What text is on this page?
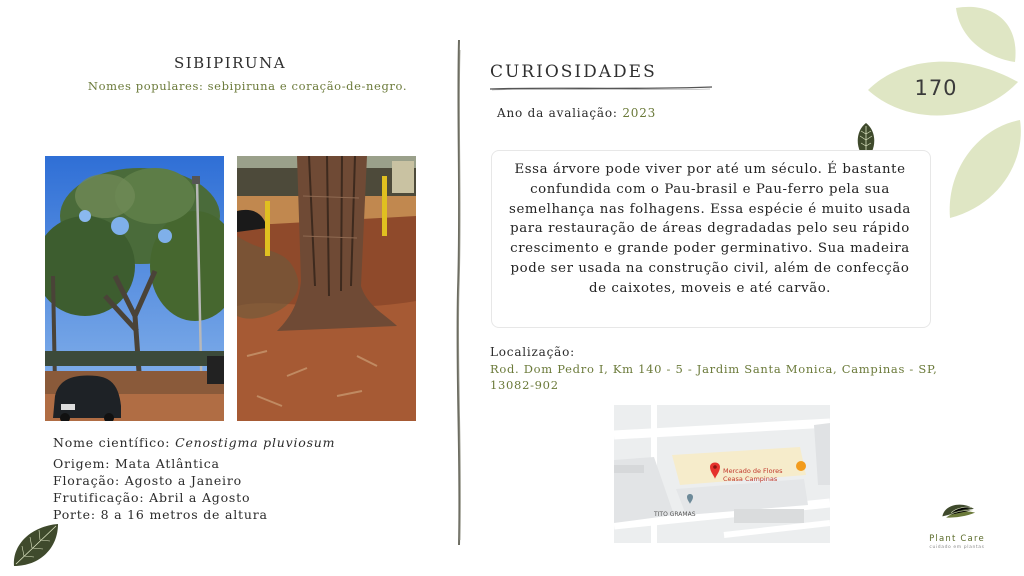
170
SIBIPIRUNA
Nomes populares: sebipiruna e coração-de-negro.
Nome científico: Cenostigma pluviosum
Origem: Mata Atlântica
Floração: Agosto a Janeiro
Frutificação: Abril a Agosto
Porte: 8 a 16 metros de altura
CURIOSIDADES
Ano da avaliação: 2023
Essa árvore pode viver por até um século. É bastante confundida com o Pau-brasil e Pau-ferro pela sua semelhança nas folhagens. Essa espécie é muito usada para restauração de áreas degradadas pelo seu rápido crescimento e grande poder germinativo. Sua madeira pode ser usada na construção civil, além de confecção de caixotes, moveis e até carvão.
Localização:
Rod. Dom Pedro I, Km 140 - 5 - Jardim Santa Monica, Campinas - SP, 13082-902
Mercado de Flores
Ceasa Campinas
TITO GRAMAS
Plant Care
cuidado em plantas
